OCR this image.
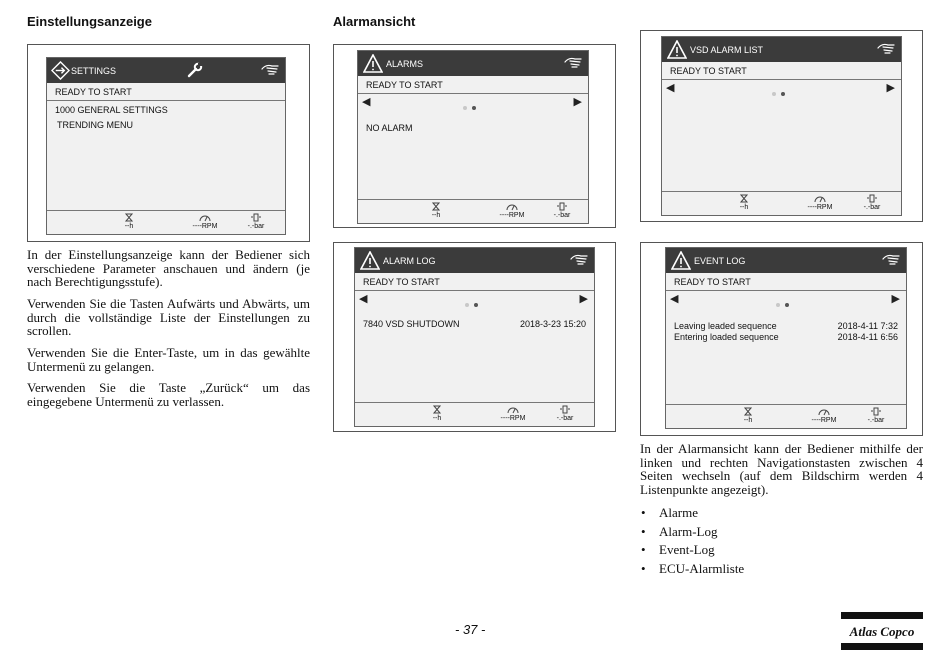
Einstellungsanzeige
SETTINGS
READY TO START
1000 GENERAL SETTINGS
TRENDING MENU
--h	----RPM	-.-bar
In der Einstellungsanzeige kann der Bediener sich verschiedene Parameter anschauen und ändern (je nach Berechtigungsstufe).
Verwenden Sie die Tasten Aufwärts und Abwärts, um durch die vollständige Liste der Einstellungen zu scrollen.
Verwenden Sie die Enter-Taste, um in das gewählte Untermenü zu gelangen.
Verwenden Sie die Taste „Zurück“ um das eingegebene Untermenü zu verlassen.
Alarmansicht
ALARMS
READY TO START
◀	▶
NO ALARM
--h	----RPM	-.-bar
VSD ALARM LIST
READY TO START
◀	▶
--h	----RPM	-.-bar
ALARM LOG
READY TO START
◀	▶
7840 VSD SHUTDOWN	2018-3-23 15:20
--h	----RPM	-.-bar
EVENT LOG
READY TO START
◀	▶
Leaving leaded sequence	2018-4-11 7:32
Entering loaded sequence	2018-4-11 6:56
--h	----RPM	-.-bar
In der Alarmansicht kann der Bediener mithilfe der linken und rechten Navigationstasten zwischen 4 Seiten wechseln (auf dem Bildschirm werden 4 Listenpunkte angezeigt).
• Alarme
• Alarm-Log
• Event-Log
• ECU-Alarmliste
- 37 -	Atlas Copco
